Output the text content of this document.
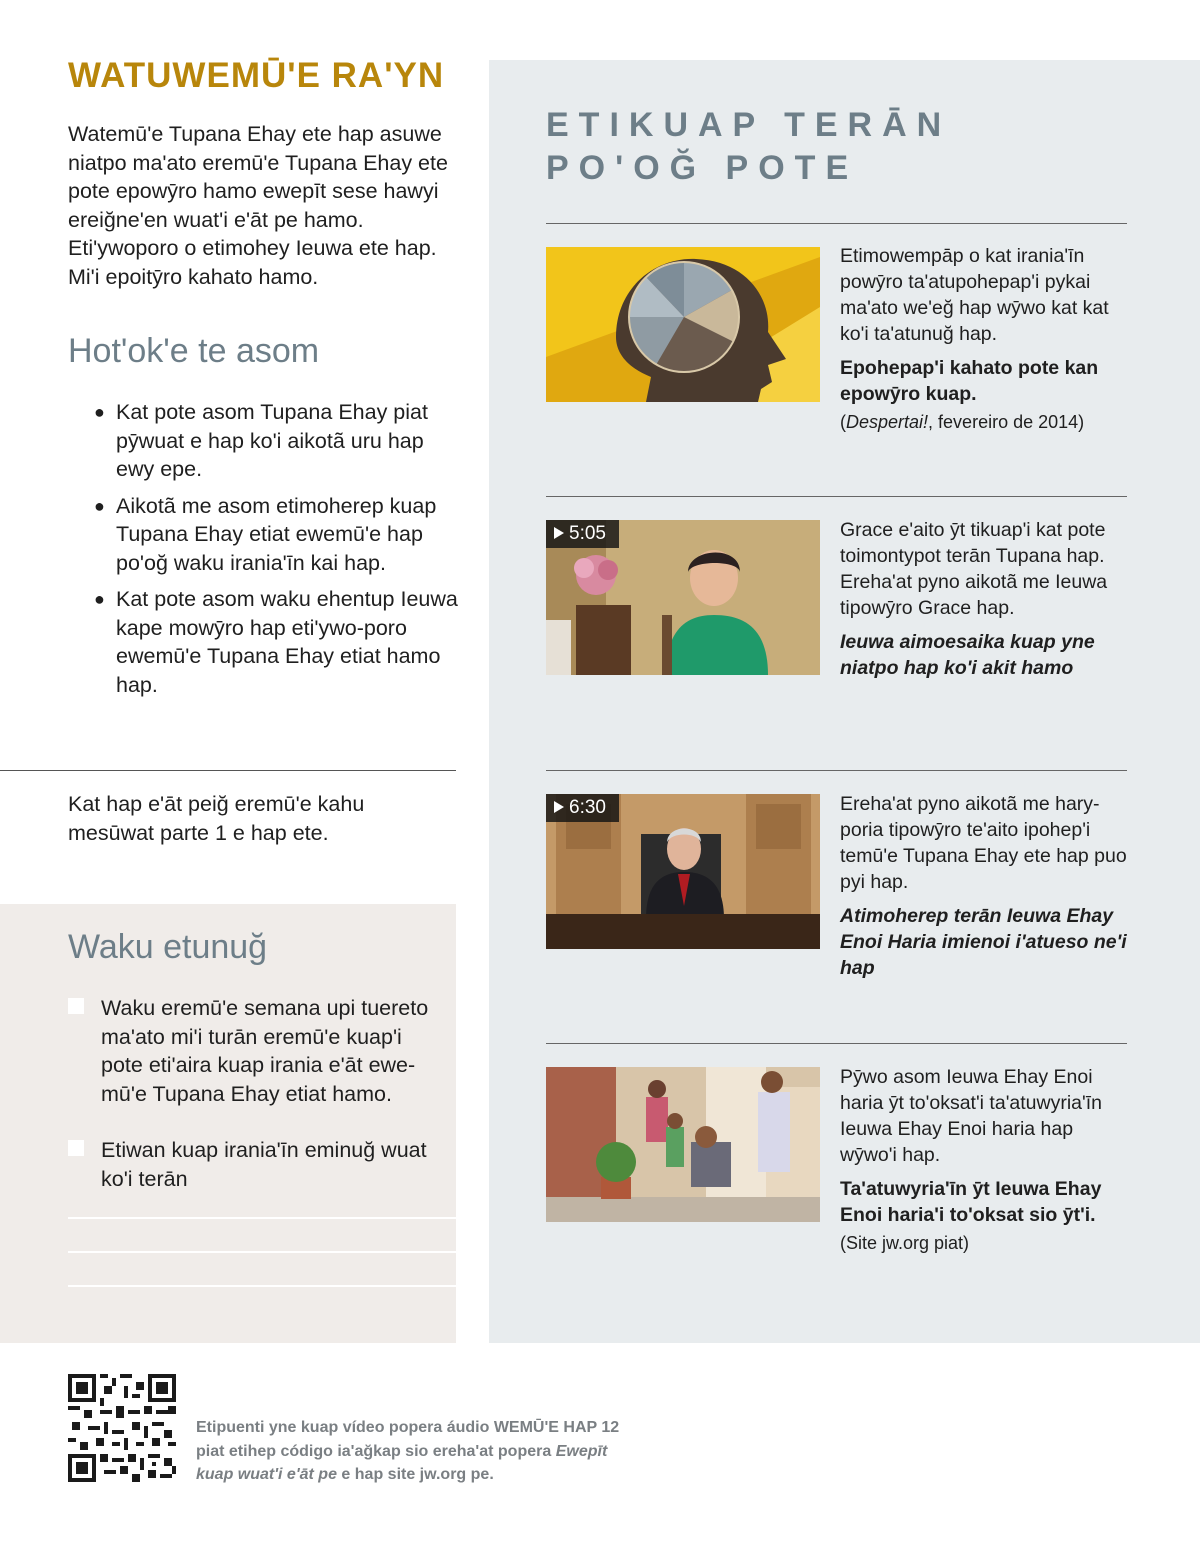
WATUWEMŪ'E RA'YN
Watemū'e Tupana Ehay ete hap asuwe niatpo ma'ato eremū'e Tupana Ehay ete pote epowȳro hamo ewepīt sese hawyi ereiğne'en wuat'i e'āt pe hamo. Eti'ywoporo o etimohey Ieuwa ete hap. Mi'i epoitȳro kahato hamo.
Hot'ok'e te asom
● Kat pote asom Tupana Ehay piat pȳwuat e hap ko'i aikotã uru hap ewy epe.
● Aikotã me asom etimoherep kuap Tupana Ehay etiat ewemū'e hap po'oğ waku irania'īn kai hap.
● Kat pote asom waku ehentup Ieuwa kape mowȳro hap eti'ywo-poro ewemū'e Tupana Ehay etiat hamo hap.
Kat hap e'āt peiğ eremū'e kahu mesūwat parte 1 e hap ete.
Waku etunuğ
Waku eremū'e semana upi tuereto ma'ato mi'i turān eremū'e kuap'i pote eti'aira kuap irania e'āt ewe-mū'e Tupana Ehay etiat hamo.
Etiwan kuap irania'īn eminuğ wuat ko'i terān
ETIKUAP TERĀN
PO'OĞ POTE

Etimowempāp o kat irania'īn powȳro ta'atupohepap'i pykai ma'ato we'eğ hap wȳwo kat kat ko'i ta'atunuğ hap.

Epohepap'i kahato pote kan epowȳro kuap.

(Despertai!, fevereiro de 2014)

5:05	Grace e'aito ȳt tikuap'i kat pote toimontypot terān Tupana hap. Ereha'at pyno aikotã me Ieuwa tipowȳro Grace hap.

Ieuwa aimoesaika kuap yne niatpo hap ko'i akit hamo

6:30	Ereha'at pyno aikotã me hary-poria tipowȳro te'aito ipohep'i temū'e Tupana Ehay ete hap puo pyi hap.

Atimoherep terān Ieuwa Ehay Enoi Haria imienoi i'atueso ne'i hap

Pȳwo asom Ieuwa Ehay Enoi haria ȳt to'oksat'i ta'atuwyria'īn Ieuwa Ehay Enoi haria hap wȳwo'i hap.

Ta'atuwyria'īn ȳt Ieuwa Ehay Enoi haria'i to'oksat sio ȳt'i.

(Site jw.org piat)

Etipuenti yne kuap vídeo popera áudio WEMŪ'E HAP 12
piat etihep código ia'ağkap sio ereha'at popera Ewepīt
kuap wuat'i e'āt pe e hap site jw.org pe.
